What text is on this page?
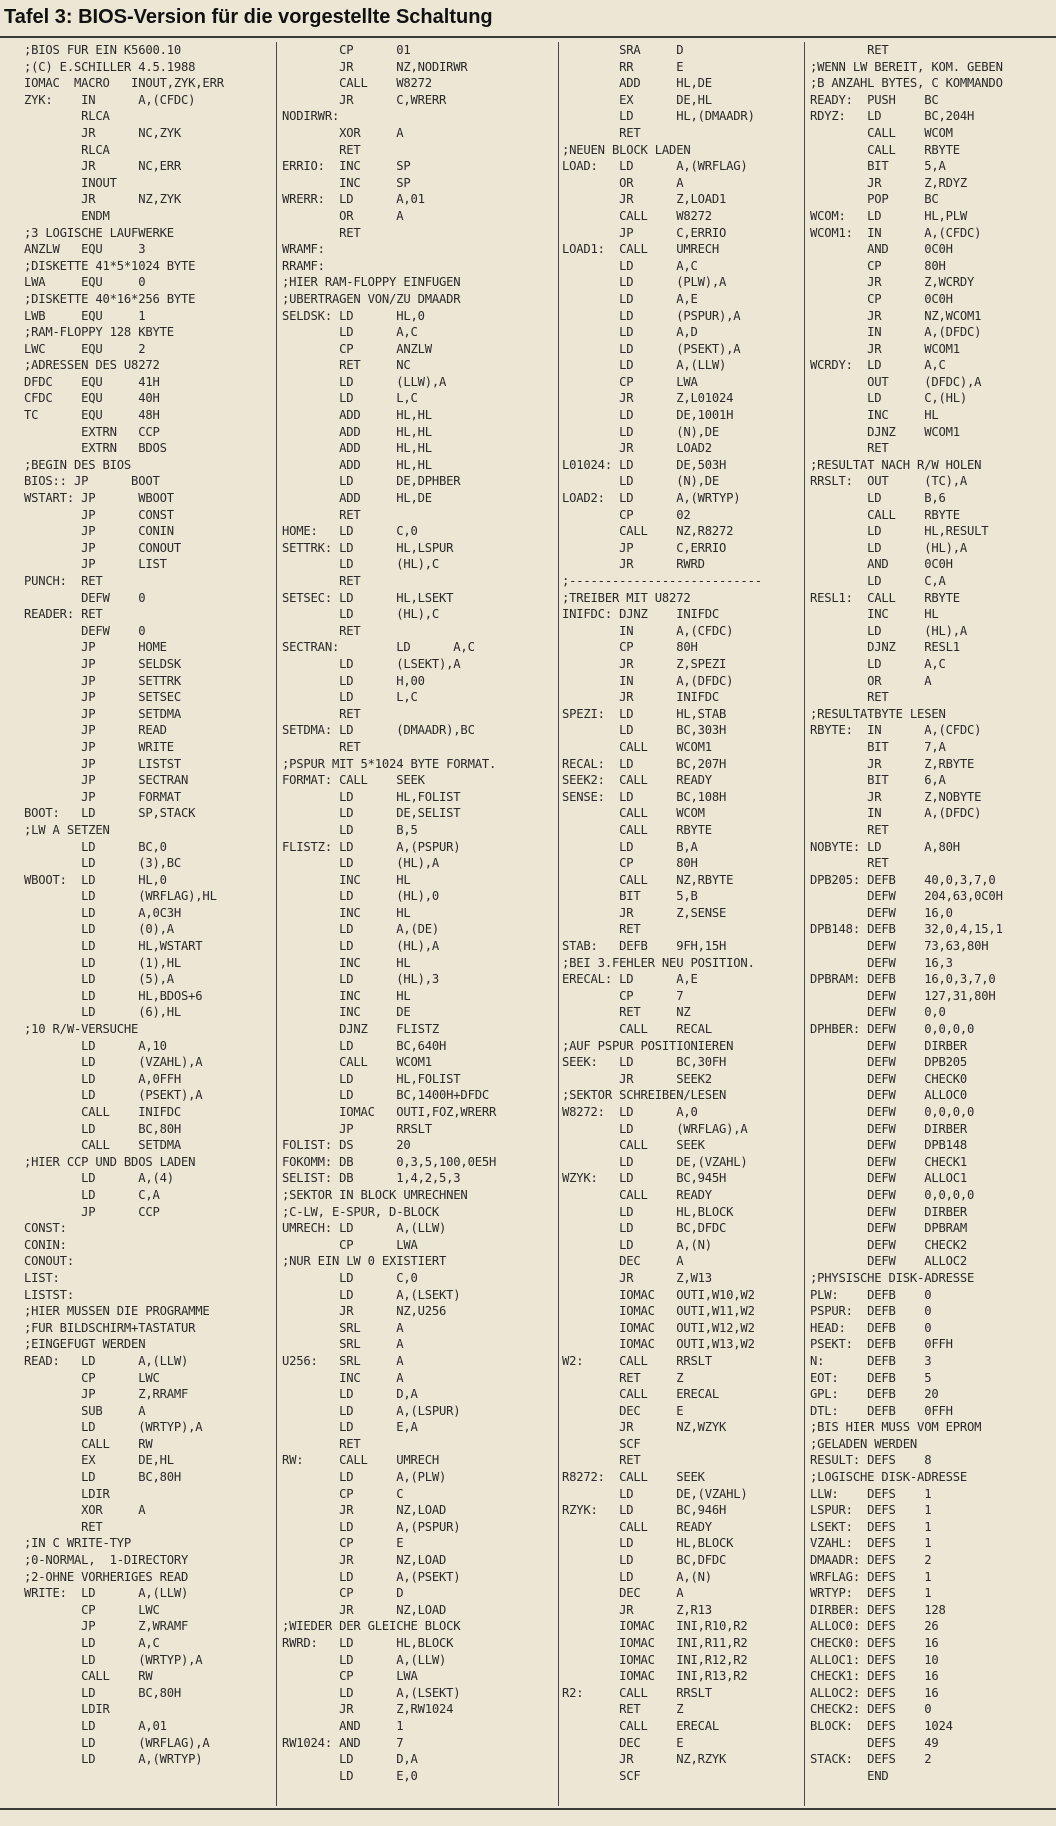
Tafel 3: BIOS-Version für die vorgestellte Schaltung
;BIOS FUR EIN K5600.10
;(C) E.SCHILLER 4.5.1988
IOMAC  MACRO   INOUT,ZYK,ERR
ZYK:    IN      A,(CFDC)
RLCA
JR      NC,ZYK
RLCA
JR      NC,ERR
INOUT
JR      NZ,ZYK
ENDM
;3 LOGISCHE LAUFWERKE
ANZLW   EQU     3
;DISKETTE 41*5*1024 BYTE
LWA     EQU     0
;DISKETTE 40*16*256 BYTE
LWB     EQU     1
;RAM-FLOPPY 128 KBYTE
LWC     EQU     2
;ADRESSEN DES U8272
DFDC    EQU     41H
CFDC    EQU     40H
TC      EQU     48H
EXTRN   CCP
EXTRN   BDOS
;BEGIN DES BIOS
BIOS:: JP      BOOT
WSTART: JP      WBOOT
JP      CONST
JP      CONIN
JP      CONOUT
JP      LIST
PUNCH:  RET
DEFW    0
READER: RET
DEFW    0
JP      HOME
JP      SELDSK
JP      SETTRK
JP      SETSEC
JP      SETDMA
JP      READ
JP      WRITE
JP      LISTST
JP      SECTRAN
JP      FORMAT
BOOT:   LD      SP,STACK
;LW A SETZEN
LD      BC,0
LD      (3),BC
WBOOT:  LD      HL,0
LD      (WRFLAG),HL
LD      A,0C3H
LD      (0),A
LD      HL,WSTART
LD      (1),HL
LD      (5),A
LD      HL,BDOS+6
LD      (6),HL
;10 R/W-VERSUCHE
LD      A,10
LD      (VZAHL),A
LD      A,0FFH
LD      (PSEKT),A
CALL    INIFDC
LD      BC,80H
CALL    SETDMA
;HIER CCP UND BDOS LADEN
LD      A,(4)
LD      C,A
JP      CCP
CONST:
CONIN:
CONOUT:
LIST:
LISTST:
;HIER MUSSEN DIE PROGRAMME
;FUR BILDSCHIRM+TASTATUR
;EINGEFUGT WERDEN
READ:   LD      A,(LLW)
CP      LWC
JP      Z,RRAMF
SUB     A
LD      (WRTYP),A
CALL    RW
EX      DE,HL
LD      BC,80H
LDIR
XOR     A
RET
;IN C WRITE-TYP
;0-NORMAL,  1-DIRECTORY
;2-OHNE VORHERIGES READ
WRITE:  LD      A,(LLW)
CP      LWC
JP      Z,WRAMF
LD      A,C
LD      (WRTYP),A
CALL    RW
LD      BC,80H
LDIR
LD      A,01
LD      (WRFLAG),A
LD      A,(WRTYP)
CP      01
JR      NZ,NODIRWR
CALL    W8272
JR      C,WRERR
NODIRWR:
XOR     A
RET
ERRIO:  INC     SP
INC     SP
WRERR:  LD      A,01
OR      A
RET
WRAMF:
RRAMF:
;HIER RAM-FLOPPY EINFUGEN
;UBERTRAGEN VON/ZU DMAADR
SELDSK: LD      HL,0
LD      A,C
CP      ANZLW
RET     NC
LD      (LLW),A
LD      L,C
ADD     HL,HL
ADD     HL,HL
ADD     HL,HL
ADD     HL,HL
LD      DE,DPHBER
ADD     HL,DE
RET
HOME:   LD      C,0
SETTRK: LD      HL,LSPUR
LD      (HL),C
RET
SETSEC: LD      HL,LSEKT
LD      (HL),C
RET
SECTRAN:        LD      A,C
LD      (LSEKT),A
LD      H,00
LD      L,C
RET
SETDMA: LD      (DMAADR),BC
RET
;PSPUR MIT 5*1024 BYTE FORMAT.
FORMAT: CALL    SEEK
LD      HL,FOLIST
LD      DE,SELIST
LD      B,5
FLISTZ: LD      A,(PSPUR)
LD      (HL),A
INC     HL
LD      (HL),0
INC     HL
LD      A,(DE)
LD      (HL),A
INC     HL
LD      (HL),3
INC     HL
INC     DE
DJNZ    FLISTZ
LD      BC,640H
CALL    WCOM1
LD      HL,FOLIST
LD      BC,1400H+DFDC
IOMAC   OUTI,FOZ,WRERR
JP      RRSLT
FOLIST: DS      20
FOKOMM: DB      0,3,5,100,0E5H
SELIST: DB      1,4,2,5,3
;SEKTOR IN BLOCK UMRECHNEN
;C-LW, E-SPUR, D-BLOCK
UMRECH: LD      A,(LLW)
CP      LWA
;NUR EIN LW 0 EXISTIERT
LD      C,0
LD      A,(LSEKT)
JR      NZ,U256
SRL     A
SRL     A
U256:   SRL     A
INC     A
LD      D,A
LD      A,(LSPUR)
LD      E,A
RET
RW:     CALL    UMRECH
LD      A,(PLW)
CP      C
JR      NZ,LOAD
LD      A,(PSPUR)
CP      E
JR      NZ,LOAD
LD      A,(PSEKT)
CP      D
JR      NZ,LOAD
;WIEDER DER GLEICHE BLOCK
RWRD:   LD      HL,BLOCK
LD      A,(LLW)
CP      LWA
LD      A,(LSEKT)
JR      Z,RW1024
AND     1
RW1024: AND     7
LD      D,A
LD      E,0
SRA     D
RR      E
ADD     HL,DE
EX      DE,HL
LD      HL,(DMAADR)
RET
;NEUEN BLOCK LADEN
LOAD:   LD      A,(WRFLAG)
OR      A
JR      Z,LOAD1
CALL    W8272
JP      C,ERRIO
LOAD1:  CALL    UMRECH
LD      A,C
LD      (PLW),A
LD      A,E
LD      (PSPUR),A
LD      A,D
LD      (PSEKT),A
LD      A,(LLW)
CP      LWA
JR      Z,L01024
LD      DE,1001H
LD      (N),DE
JR      LOAD2
L01024: LD      DE,503H
LD      (N),DE
LOAD2:  LD      A,(WRTYP)
CP      02
CALL    NZ,R8272
JP      C,ERRIO
JR      RWRD
;---------------------------
;TREIBER MIT U8272
INIFDC: DJNZ    INIFDC
IN      A,(CFDC)
CP      80H
JR      Z,SPEZI
IN      A,(DFDC)
JR      INIFDC
SPEZI:  LD      HL,STAB
LD      BC,303H
CALL    WCOM1
RECAL:  LD      BC,207H
SEEK2:  CALL    READY
SENSE:  LD      BC,108H
CALL    WCOM
CALL    RBYTE
LD      B,A
CP      80H
CALL    NZ,RBYTE
BIT     5,B
JR      Z,SENSE
RET
STAB:   DEFB    9FH,15H
;BEI 3.FEHLER NEU POSITION.
ERECAL: LD      A,E
CP      7
RET     NZ
CALL    RECAL
;AUF PSPUR POSITIONIEREN
SEEK:   LD      BC,30FH
JR      SEEK2
;SEKTOR SCHREIBEN/LESEN
W8272:  LD      A,0
LD      (WRFLAG),A
CALL    SEEK
LD      DE,(VZAHL)
WZYK:   LD      BC,945H
CALL    READY
LD      HL,BLOCK
LD      BC,DFDC
LD      A,(N)
DEC     A
JR      Z,W13
IOMAC   OUTI,W10,W2
IOMAC   OUTI,W11,W2
IOMAC   OUTI,W12,W2
IOMAC   OUTI,W13,W2
W2:     CALL    RRSLT
RET     Z
CALL    ERECAL
DEC     E
JR      NZ,WZYK
SCF
RET
R8272:  CALL    SEEK
LD      DE,(VZAHL)
RZYK:   LD      BC,946H
CALL    READY
LD      HL,BLOCK
LD      BC,DFDC
LD      A,(N)
DEC     A
JR      Z,R13
IOMAC   INI,R10,R2
IOMAC   INI,R11,R2
IOMAC   INI,R12,R2
IOMAC   INI,R13,R2
R2:     CALL    RRSLT
RET     Z
CALL    ERECAL
DEC     E
JR      NZ,RZYK
SCF
RET
;WENN LW BEREIT, KOM. GEBEN
;B ANZAHL BYTES, C KOMMANDO
READY:  PUSH    BC
RDYZ:   LD      BC,204H
CALL    WCOM
CALL    RBYTE
BIT     5,A
JR      Z,RDYZ
POP     BC
WCOM:   LD      HL,PLW
WCOM1:  IN      A,(CFDC)
AND     0C0H
CP      80H
JR      Z,WCRDY
CP      0C0H
JR      NZ,WCOM1
IN      A,(DFDC)
JR      WCOM1
WCRDY:  LD      A,C
OUT     (DFDC),A
LD      C,(HL)
INC     HL
DJNZ    WCOM1
RET
;RESULTAT NACH R/W HOLEN
RRSLT:  OUT     (TC),A
LD      B,6
CALL    RBYTE
LD      HL,RESULT
LD      (HL),A
AND     0C0H
LD      C,A
RESL1:  CALL    RBYTE
INC     HL
LD      (HL),A
DJNZ    RESL1
LD      A,C
OR      A
RET
;RESULTATBYTE LESEN
RBYTE:  IN      A,(CFDC)
BIT     7,A
JR      Z,RBYTE
BIT     6,A
JR      Z,NOBYTE
IN      A,(DFDC)
RET
NOBYTE: LD      A,80H
RET
DPB205: DEFB    40,0,3,7,0
DEFW    204,63,0C0H
DEFW    16,0
DPB148: DEFB    32,0,4,15,1
DEFW    73,63,80H
DEFW    16,3
DPBRAM: DEFB    16,0,3,7,0
DEFW    127,31,80H
DEFW    0,0
DPHBER: DEFW    0,0,0,0
DEFW    DIRBER
DEFW    DPB205
DEFW    CHECK0
DEFW    ALLOC0
DEFW    0,0,0,0
DEFW    DIRBER
DEFW    DPB148
DEFW    CHECK1
DEFW    ALLOC1
DEFW    0,0,0,0
DEFW    DIRBER
DEFW    DPBRAM
DEFW    CHECK2
DEFW    ALLOC2
;PHYSISCHE DISK-ADRESSE
PLW:    DEFB    0
PSPUR:  DEFB    0
HEAD:   DEFB    0
PSEKT:  DEFB    0FFH
N:      DEFB    3
EOT:    DEFB    5
GPL:    DEFB    20
DTL:    DEFB    0FFH
;BIS HIER MUSS VOM EPROM
;GELADEN WERDEN
RESULT: DEFS    8
;LOGISCHE DISK-ADRESSE
LLW:    DEFS    1
LSPUR:  DEFS    1
LSEKT:  DEFS    1
VZAHL:  DEFS    1
DMAADR: DEFS    2
WRFLAG: DEFS    1
WRTYP:  DEFS    1
DIRBER: DEFS    128
ALLOC0: DEFS    26
CHECK0: DEFS    16
ALLOC1: DEFS    10
CHECK1: DEFS    16
ALLOC2: DEFS    16
CHECK2: DEFS    0
BLOCK:  DEFS    1024
DEFS    49
STACK:  DEFS    2
END
